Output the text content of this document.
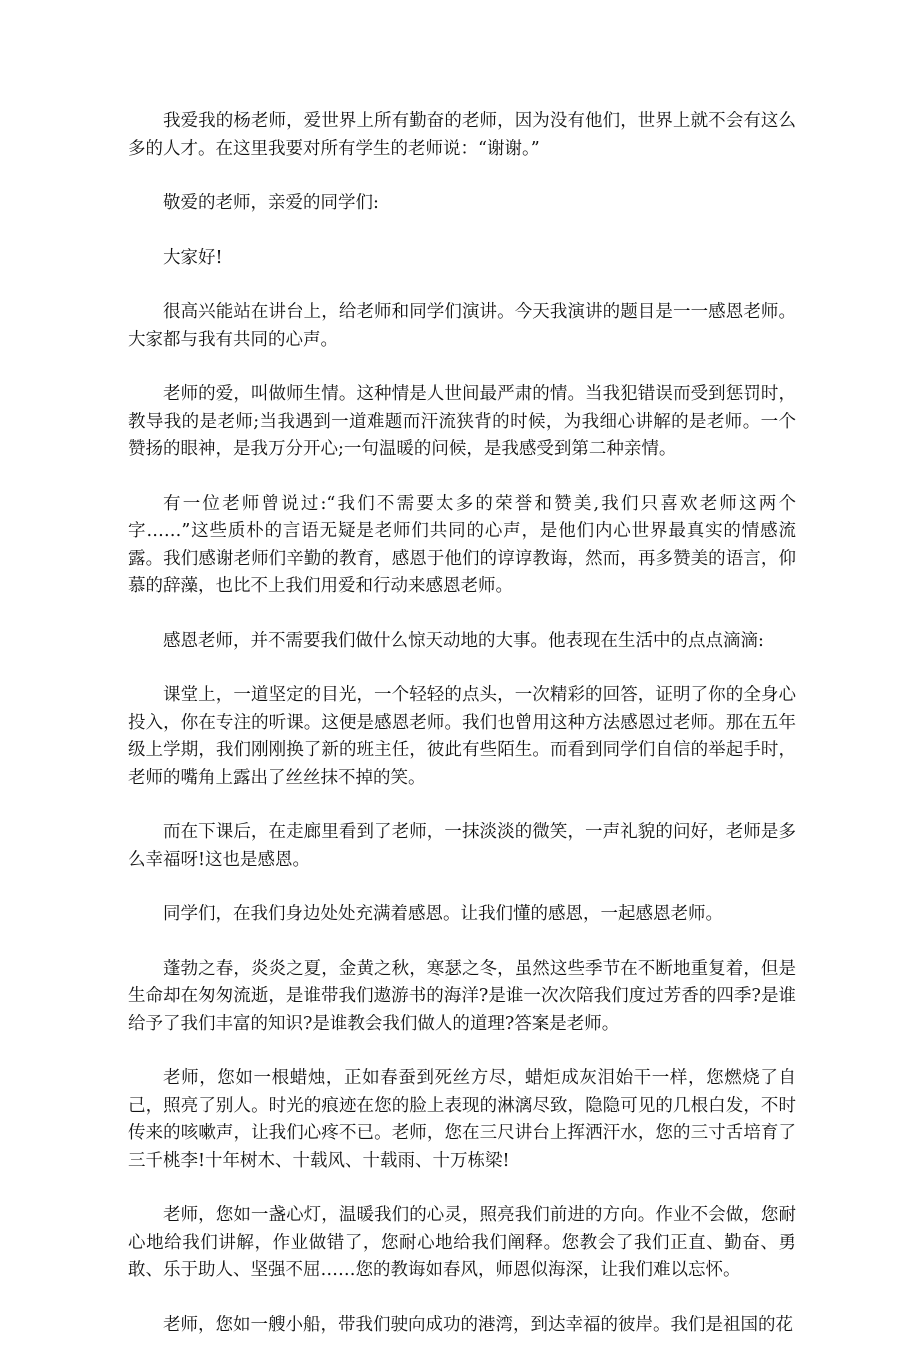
我爱我的杨老师，爱世界上所有勤奋的老师，因为没有他们，世界上就不会有这么多的人才。在这里我要对所有学生的老师说：“谢谢。”

敬爱的老师，亲爱的同学们:

大家好!

很高兴能站在讲台上，给老师和同学们演讲。今天我演讲的题目是一一感恩老师。大家都与我有共同的心声。

老师的爱，叫做师生情。这种情是人世间最严肃的情。当我犯错误而受到惩罚时，教导我的是老师;当我遇到一道难题而汗流狭背的时候，为我细心讲解的是老师。一个赞扬的眼神，是我万分开心;一句温暖的问候，是我感受到第二种亲情。

有一位老师曾说过:“我们不需要太多的荣誉和赞美,我们只喜欢老师这两个字……”这些质朴的言语无疑是老师们共同的心声，是他们内心世界最真实的情感流露。我们感谢老师们辛勤的教育，感恩于他们的谆谆教诲，然而，再多赞美的语言，仰慕的辞藻，也比不上我们用爱和行动来感恩老师。

感恩老师，并不需要我们做什么惊天动地的大事。他表现在生活中的点点滴滴:

课堂上，一道坚定的目光，一个轻轻的点头，一次精彩的回答，证明了你的全身心投入，你在专注的听课。这便是感恩老师。我们也曾用这种方法感恩过老师。那在五年级上学期，我们刚刚换了新的班主任，彼此有些陌生。而看到同学们自信的举起手时，老师的嘴角上露出了丝丝抹不掉的笑。

而在下课后，在走廊里看到了老师，一抹淡淡的微笑，一声礼貌的问好，老师是多么幸福呀!这也是感恩。

同学们，在我们身边处处充满着感恩。让我们懂的感恩，一起感恩老师。

蓬勃之春，炎炎之夏，金黄之秋，寒瑟之冬，虽然这些季节在不断地重复着，但是生命却在匆匆流逝，是谁带我们遨游书的海洋?是谁一次次陪我们度过芳香的四季?是谁给予了我们丰富的知识?是谁教会我们做人的道理?答案是老师。

老师，您如一根蜡烛，正如春蚕到死丝方尽，蜡炬成灰泪始干一样，您燃烧了自己，照亮了别人。时光的痕迹在您的脸上表现的淋漓尽致，隐隐可见的几根白发，不时传来的咳嗽声，让我们心疼不已。老师，您在三尺讲台上挥洒汗水，您的三寸舌培育了三千桃李!十年树木、十载风、十载雨、十万栋梁!

老师，您如一盏心灯，温暖我们的心灵，照亮我们前进的方向。作业不会做，您耐心地给我们讲解，作业做错了，您耐心地给我们阐释。您教会了我们正直、勤奋、勇敢、乐于助人、坚强不屈……您的教诲如春风，师恩似海深，让我们难以忘怀。

老师，您如一艘小船，带我们驶向成功的港湾，到达幸福的彼岸。我们是祖国的花
